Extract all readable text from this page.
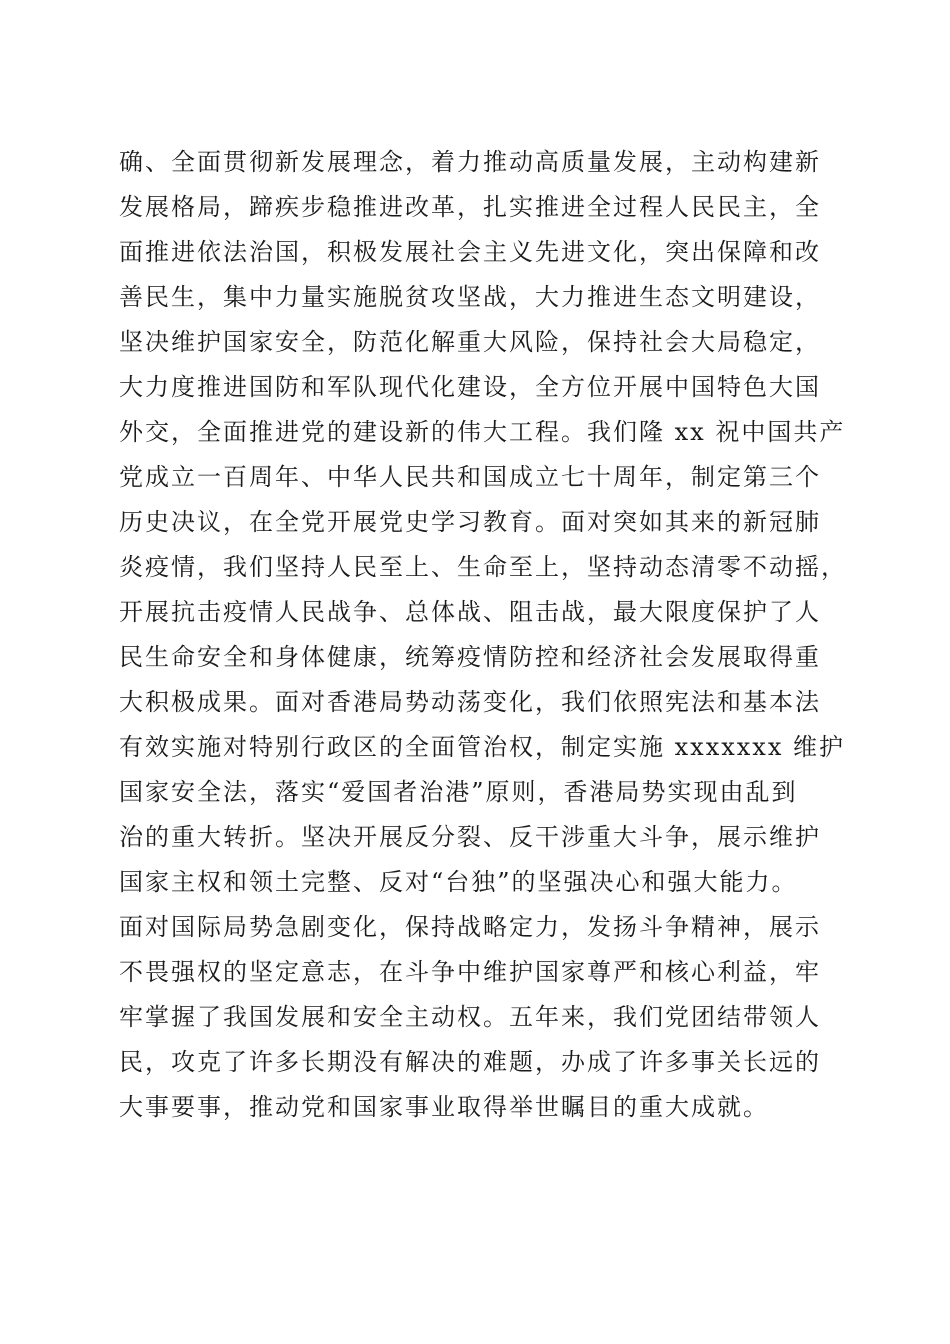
确、全面贯彻新发展理念，着力推动高质量发展，主动构建新
发展格局，蹄疾步稳推进改革，扎实推进全过程人民民主，全
面推进依法治国，积极发展社会主义先进文化，突出保障和改
善民生，集中力量实施脱贫攻坚战，大力推进生态文明建设，
坚决维护国家安全，防范化解重大风险，保持社会大局稳定，
大力度推进国防和军队现代化建设，全方位开展中国特色大国
外交，全面推进党的建设新的伟大工程。我们隆 xx 祝中国共产
党成立一百周年、中华人民共和国成立七十周年，制定第三个
历史决议，在全党开展党史学习教育。面对突如其来的新冠肺
炎疫情，我们坚持人民至上、生命至上，坚持动态清零不动摇，
开展抗击疫情人民战争、总体战、阻击战，最大限度保护了人
民生命安全和身体健康，统筹疫情防控和经济社会发展取得重
大积极成果。面对香港局势动荡变化，我们依照宪法和基本法
有效实施对特别行政区的全面管治权，制定实施 xxxxxxx 维护
国家安全法，落实“爱国者治港”原则，香港局势实现由乱到
治的重大转折。坚决开展反分裂、反干涉重大斗争，展示维护
国家主权和领土完整、反对“台独”的坚强决心和强大能力。
面对国际局势急剧变化，保持战略定力，发扬斗争精神，展示
不畏强权的坚定意志，在斗争中维护国家尊严和核心利益，牢
牢掌握了我国发展和安全主动权。五年来，我们党团结带领人
民，攻克了许多长期没有解决的难题，办成了许多事关长远的
大事要事，推动党和国家事业取得举世瞩目的重大成就。
